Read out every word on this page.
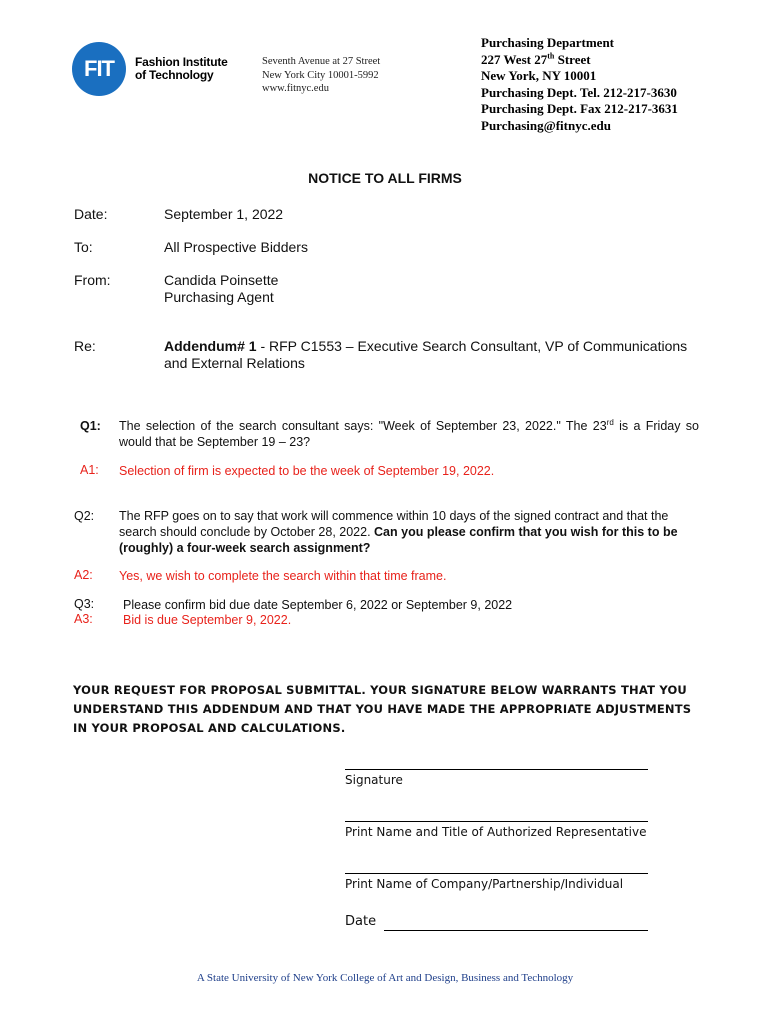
FIT Fashion Institute
of Technology
Seventh Avenue at 27 Street
New York City 10001-5992
www.fitnyc.edu
Purchasing Department
227 West 27th Street
New York, NY 10001
Purchasing Dept. Tel. 212-217-3630
Purchasing Dept. Fax 212-217-3631
Purchasing@fitnyc.edu
NOTICE TO ALL FIRMS
Date:	September 1, 2022
To:	All Prospective Bidders
From:	Candida Poinsette
Purchasing Agent
Re:	Addendum# 1 - RFP C1553 – Executive Search Consultant, VP of Communications and External Relations
Q1: The selection of the search consultant says: "Week of September 23, 2022." The 23rd is a Friday so would that be September 19 – 23?
A1: Selection of firm is expected to be the week of September 19, 2022.
Q2: The RFP goes on to say that work will commence within 10 days of the signed contract and that the search should conclude by October 28, 2022. Can you please confirm that you wish for this to be (roughly) a four-week search assignment?
A2: Yes, we wish to complete the search within that time frame.
Q3: Please confirm bid due date September 6, 2022 or September 9, 2022
A3: Bid is due September 9, 2022.
YOUR REQUEST FOR PROPOSAL SUBMITTAL. YOUR SIGNATURE BELOW WARRANTS THAT YOU UNDERSTAND THIS ADDENDUM AND THAT YOU HAVE MADE THE APPROPRIATE ADJUSTMENTS IN YOUR PROPOSAL AND CALCULATIONS.
Signature
Print Name and Title of Authorized Representative
Print Name of Company/Partnership/Individual
Date
A State University of New York College of Art and Design, Business and Technology
